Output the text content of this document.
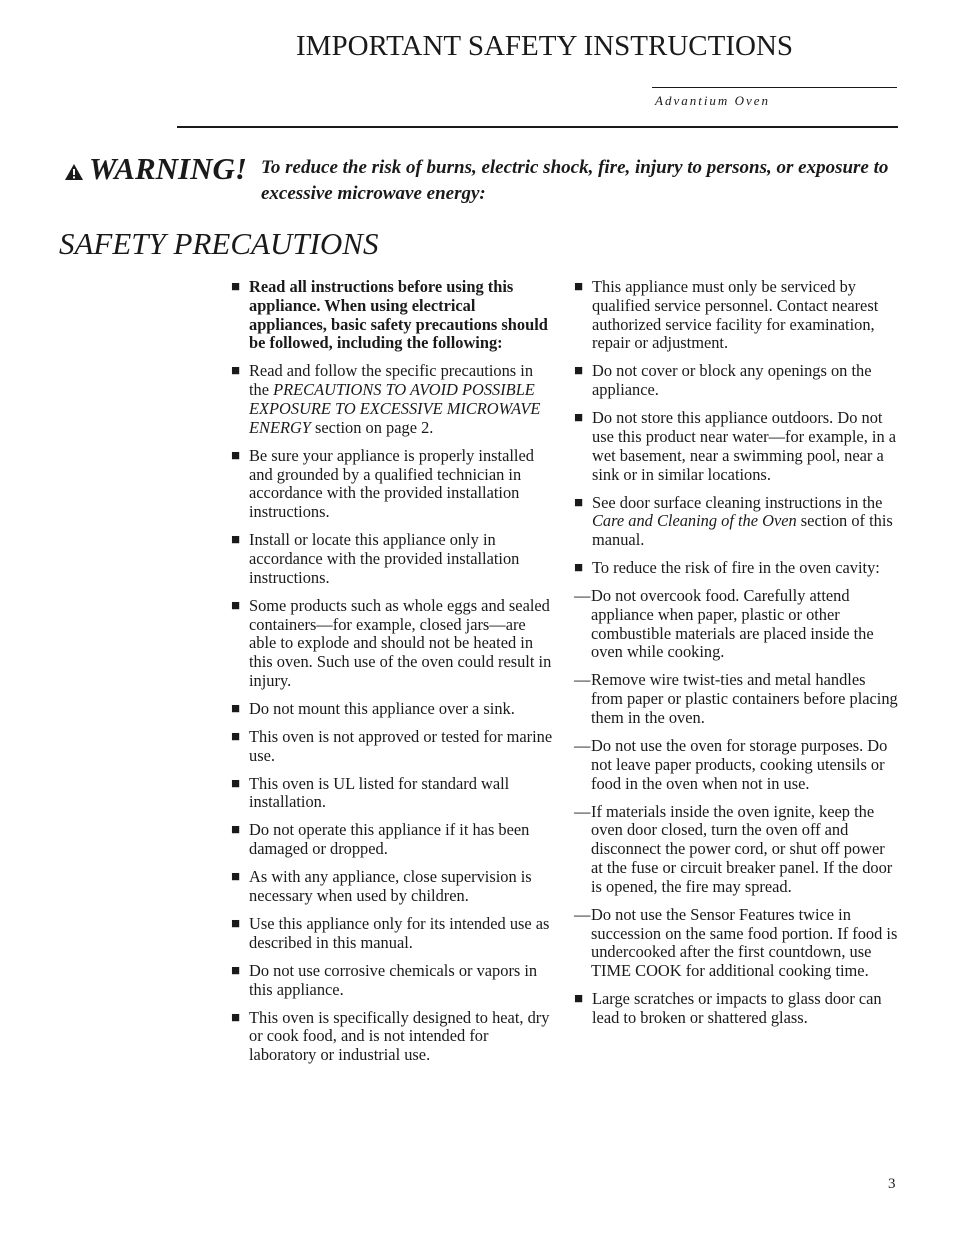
IMPORTANT SAFETY INSTRUCTIONS
Advantium Oven
WARNING! To reduce the risk of burns, electric shock, fire, injury to persons, or exposure to excessive microwave energy:

SAFETY PRECAUTIONS
■ Read all instructions before using this appliance. When using electrical appliances, basic safety precautions should be followed, including the following:
■ Read and follow the specific precautions in the PRECAUTIONS TO AVOID POSSIBLE EXPOSURE TO EXCESSIVE MICROWAVE ENERGY section on page 2.
■ Be sure your appliance is properly installed and grounded by a qualified technician in accordance with the provided installation instructions.
■ Install or locate this appliance only in accordance with the provided installation instructions.
■ Some products such as whole eggs and sealed containers—for example, closed jars—are able to explode and should not be heated in this oven. Such use of the oven could result in injury.
■ Do not mount this appliance over a sink.
■ This oven is not approved or tested for marine use.
■ This oven is UL listed for standard wall installation.
■ Do not operate this appliance if it has been damaged or dropped.
■ As with any appliance, close supervision is necessary when used by children.
■ Use this appliance only for its intended use as described in this manual.
■ Do not use corrosive chemicals or vapors in this appliance.
■ This oven is specifically designed to heat, dry or cook food, and is not intended for laboratory or industrial use.
■ This appliance must only be serviced by qualified service personnel. Contact nearest authorized service facility for examination, repair or adjustment.
■ Do not cover or block any openings on the appliance.
■ Do not store this appliance outdoors. Do not use this product near water—for example, in a wet basement, near a swimming pool, near a sink or in similar locations.
■ See door surface cleaning instructions in the Care and Cleaning of the Oven section of this manual.
■ To reduce the risk of fire in the oven cavity:
— Do not overcook food. Carefully attend appliance when paper, plastic or other combustible materials are placed inside the oven while cooking.
— Remove wire twist-ties and metal handles from paper or plastic containers before placing them in the oven.
— Do not use the oven for storage purposes. Do not leave paper products, cooking utensils or food in the oven when not in use.
— If materials inside the oven ignite, keep the oven door closed, turn the oven off and disconnect the power cord, or shut off power at the fuse or circuit breaker panel. If the door is opened, the fire may spread.
— Do not use the Sensor Features twice in succession on the same food portion. If food is undercooked after the first countdown, use TIME COOK for additional cooking time.
■ Large scratches or impacts to glass door can lead to broken or shattered glass.
3
